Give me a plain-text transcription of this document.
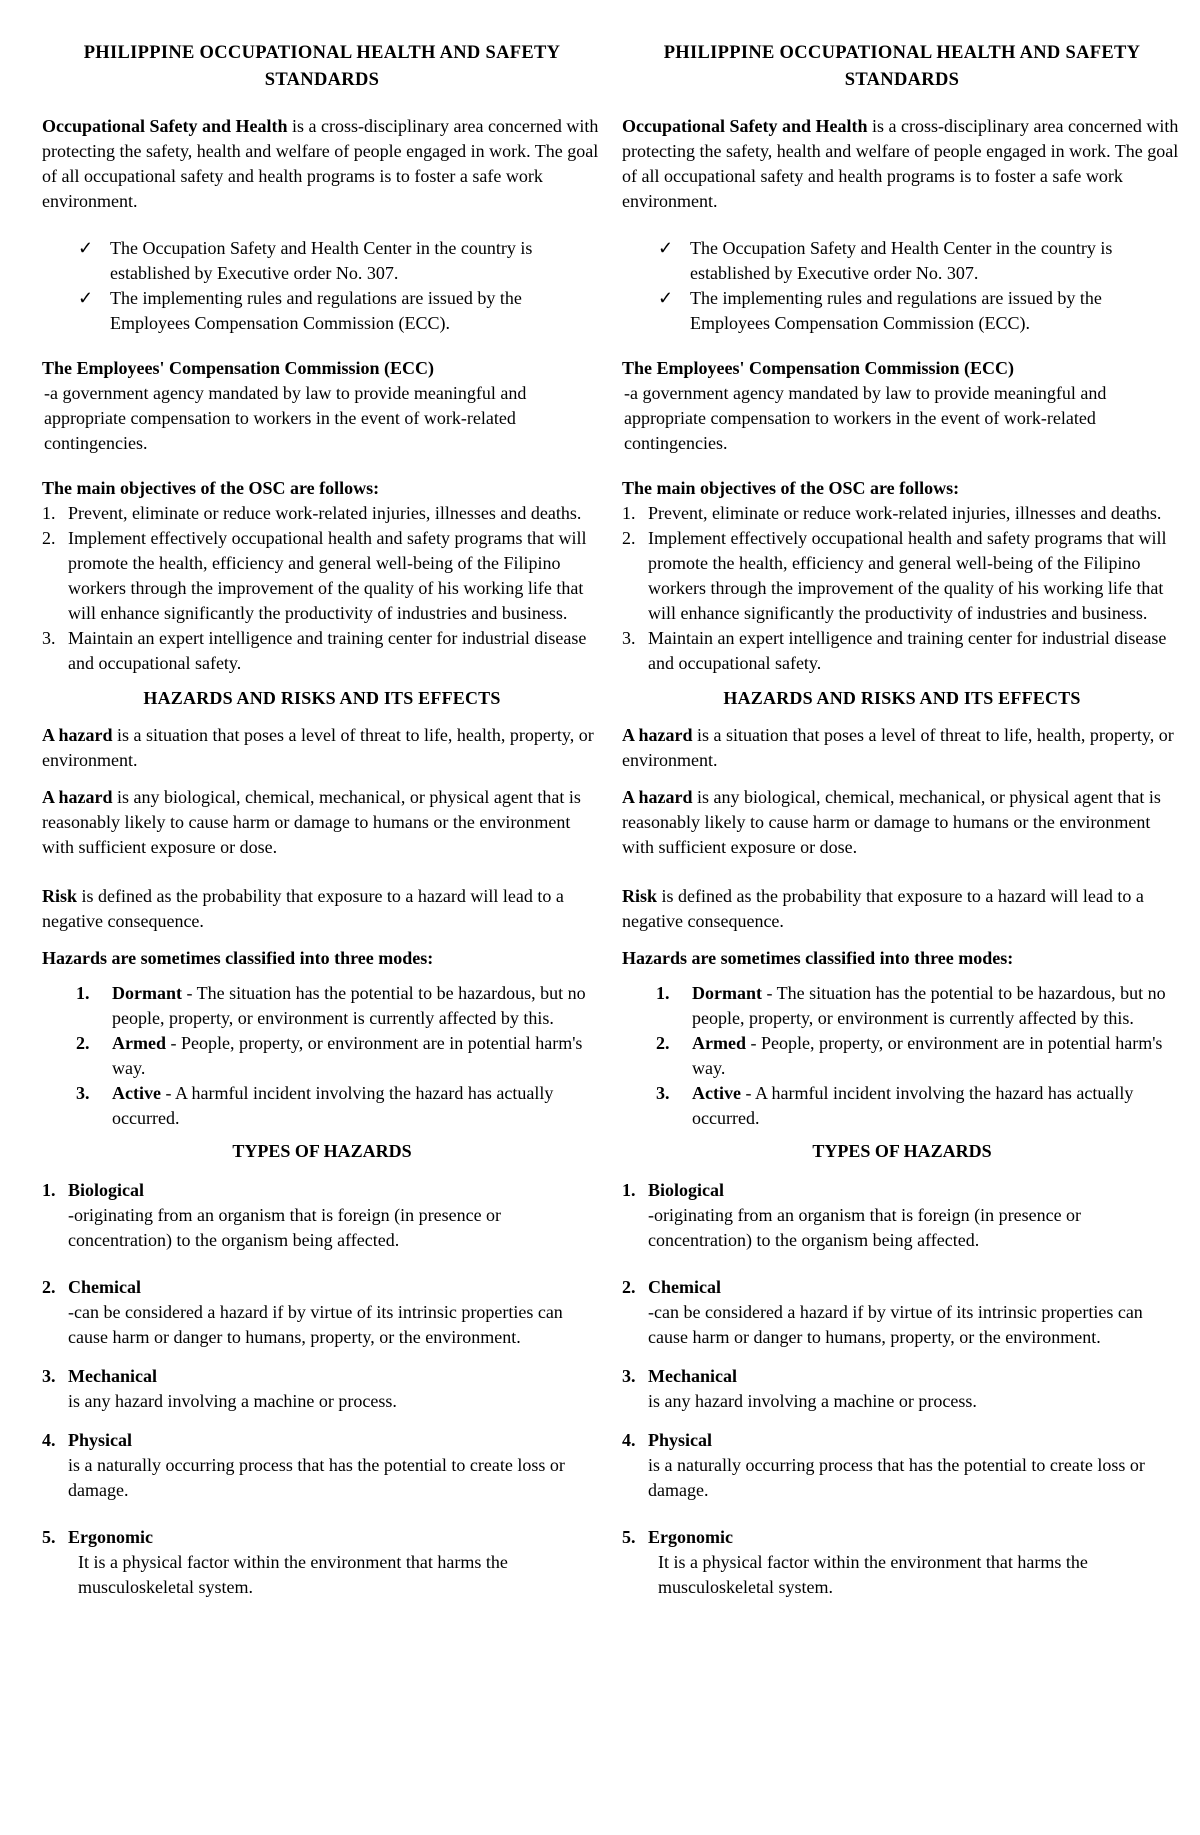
PHILIPPINE OCCUPATIONAL HEALTH AND SAFETY
STANDARDS

Occupational Safety and Health is a cross-disciplinary area concerned with protecting the safety, health and welfare of people engaged in work. The goal of all occupational safety and health programs is to foster a safe work environment.

✓ The Occupation Safety and Health Center in the country is established by Executive order No. 307.
✓ The implementing rules and regulations are issued by the Employees Compensation Commission (ECC).
The Employees' Compensation Commission (ECC)
-a government agency mandated by law to provide meaningful and appropriate compensation to workers in the event of work-related contingencies.
The main objectives of the OSC are follows:
1. Prevent, eliminate or reduce work-related injuries, illnesses and deaths.
2. Implement effectively occupational health and safety programs that will promote the health, efficiency and general well-being of the Filipino workers through the improvement of the quality of his working life that will enhance significantly the productivity of industries and business.
3. Maintain an expert intelligence and training center for industrial disease and occupational safety.
HAZARDS AND RISKS AND ITS EFFECTS

A hazard is a situation that poses a level of threat to life, health, property, or environment.

A hazard is any biological, chemical, mechanical, or physical agent that is reasonably likely to cause harm or damage to humans or the environment with sufficient exposure or dose.

Risk is defined as the probability that exposure to a hazard will lead to a negative consequence.

Hazards are sometimes classified into three modes:
1. Dormant - The situation has the potential to be hazardous, but no people, property, or environment is currently affected by this.
2. Armed - People, property, or environment are in potential harm's way.
3. Active - A harmful incident involving the hazard has actually occurred.
TYPES OF HAZARDS
1. Biological
-originating from an organism that is foreign (in presence or concentration) to the organism being affected.
2. Chemical
-can be considered a hazard if by virtue of its intrinsic properties can cause harm or danger to humans, property, or the environment.
3. Mechanical
is any hazard involving a machine or process.
4. Physical
is a naturally occurring process that has the potential to create loss or damage.
5. Ergonomic
It is a physical factor within the environment that harms the musculoskeletal system.
PHILIPPINE OCCUPATIONAL HEALTH AND SAFETY
STANDARDS

Occupational Safety and Health is a cross-disciplinary area concerned with protecting the safety, health and welfare of people engaged in work. The goal of all occupational safety and health programs is to foster a safe work environment.

✓ The Occupation Safety and Health Center in the country is established by Executive order No. 307.
✓ The implementing rules and regulations are issued by the Employees Compensation Commission (ECC).
The Employees' Compensation Commission (ECC)
-a government agency mandated by law to provide meaningful and appropriate compensation to workers in the event of work-related contingencies.
The main objectives of the OSC are follows:
1. Prevent, eliminate or reduce work-related injuries, illnesses and deaths.
2. Implement effectively occupational health and safety programs that will promote the health, efficiency and general well-being of the Filipino workers through the improvement of the quality of his working life that will enhance significantly the productivity of industries and business.
3. Maintain an expert intelligence and training center for industrial disease and occupational safety.
HAZARDS AND RISKS AND ITS EFFECTS

A hazard is a situation that poses a level of threat to life, health, property, or environment.

A hazard is any biological, chemical, mechanical, or physical agent that is reasonably likely to cause harm or damage to humans or the environment with sufficient exposure or dose.

Risk is defined as the probability that exposure to a hazard will lead to a negative consequence.

Hazards are sometimes classified into three modes:
1. Dormant - The situation has the potential to be hazardous, but no people, property, or environment is currently affected by this.
2. Armed - People, property, or environment are in potential harm's way.
3. Active - A harmful incident involving the hazard has actually occurred.
TYPES OF HAZARDS
1. Biological
-originating from an organism that is foreign (in presence or concentration) to the organism being affected.
2. Chemical
-can be considered a hazard if by virtue of its intrinsic properties can cause harm or danger to humans, property, or the environment.
3. Mechanical
is any hazard involving a machine or process.
4. Physical
is a naturally occurring process that has the potential to create loss or damage.
5. Ergonomic
It is a physical factor within the environment that harms the musculoskeletal system.
